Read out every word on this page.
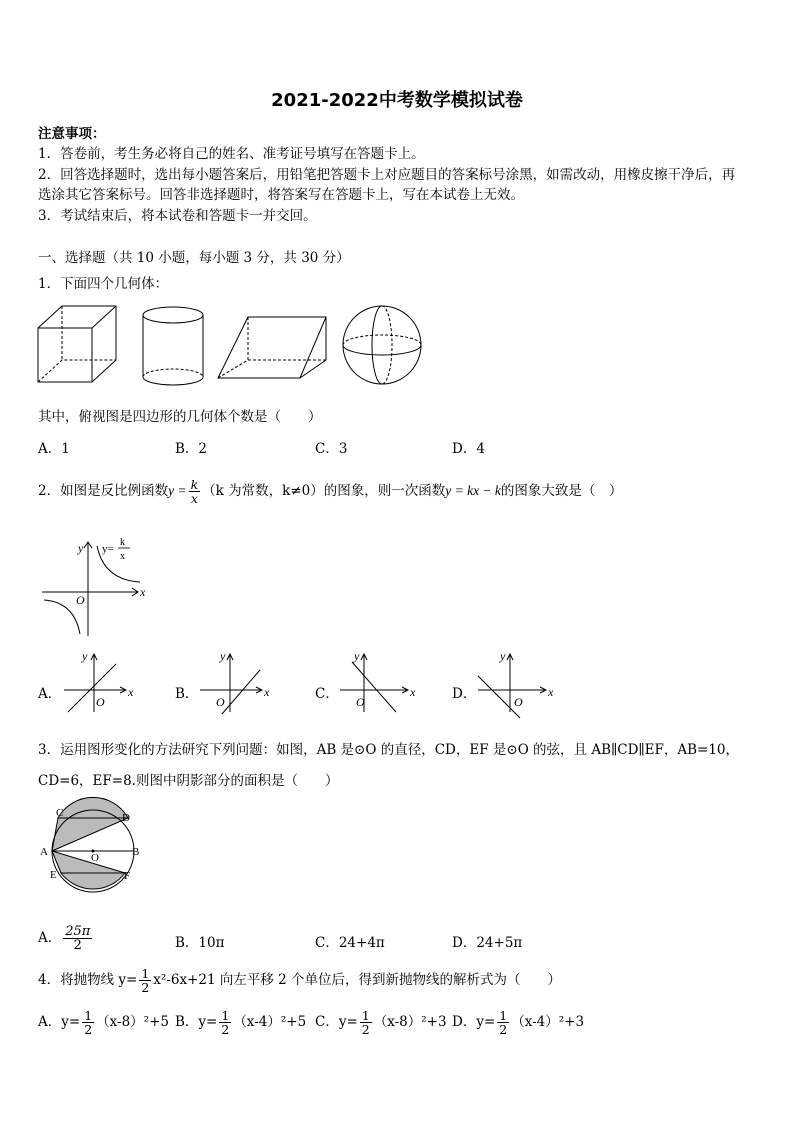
2021-2022中考数学模拟试卷
注意事项：
1．答卷前，考生务必将自己的姓名、准考证号填写在答题卡上。
2．回答选择题时，选出每小题答案后，用铅笔把答题卡上对应题目的答案标号涂黑，如需改动，用橡皮擦干净后，再
选涂其它答案标号。回答非选择题时，将答案写在答题卡上，写在本试卷上无效。
3．考试结束后，将本试卷和答题卡一并交回。
一、选择题（共 10 小题，每小题 3 分，共 30 分）
1．下面四个几何体：
其中，俯视图是四边形的几何体个数是（　　）
A．1	B．2	C．3	D．4
2．如图是反比例函数$y = \frac{k}{x} (k$ 为常数，k≠0）的图象，则一次函数y = kx − k的图象大致是（　）
y
x
O
y=
k
x
A．	B．	C．	D．
y
x
O
y
x
O
y
x
O
y
x
O
3．运用图形变化的方法研究下列问题：如图，AB 是⊙O 的直径，CD，EF 是⊙O 的弦，且 AB∥CD∥EF，AB=10，
CD=6，EF=8.则图中阴影部分的面积是（　　）
C	D
A	B
E	F
O
A． $\frac{25\pi}{2}$	B．10π	C．24+4π	D．24+5π
4．将抛物线 $y= \frac{1}{2} x^2-6x+21$ 向左平移 2 个单位后，得到新抛物线的解析式为（　　）
A．$y= \frac{1}{2} (x-8)^2+5$ B．$y= \frac{1}{2} (x-4)^2+5$ C．$y= \frac{1}{2} (x-8)^2+3$ D．$y= \frac{1}{2} (x-4)^2+3$
